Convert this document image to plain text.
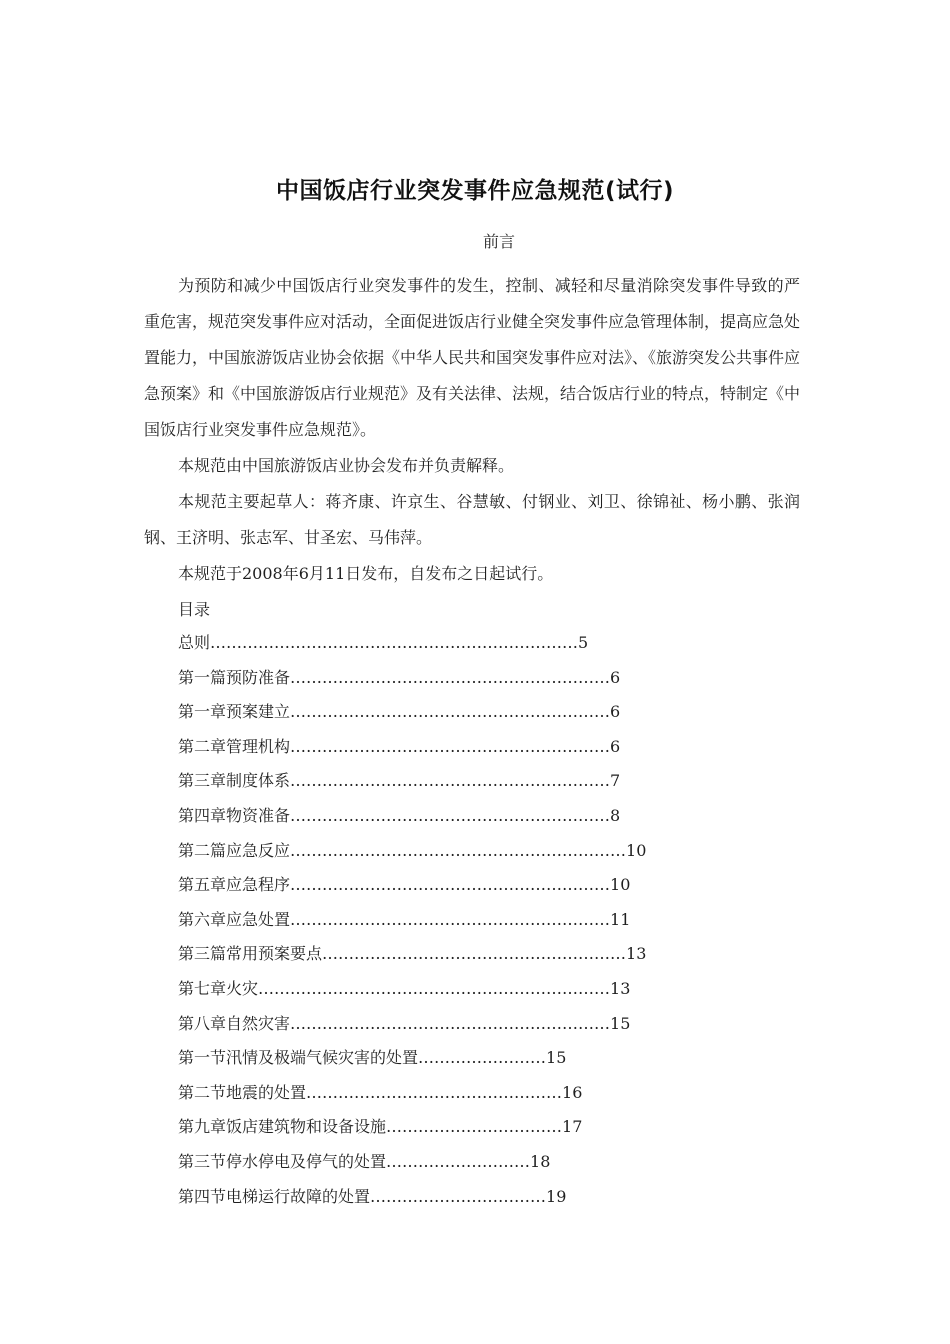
中国饭店行业突发事件应急规范(试行)
前言

为预防和减少中国饭店行业突发事件的发生，控制、减轻和尽量消除突发事件导致的严重危害，规范突发事件应对活动，全面促进饭店行业健全突发事件应急管理体制，提高应急处置能力，中国旅游饭店业协会依据《中华人民共和国突发事件应对法》、《旅游突发公共事件应急预案》和《中国旅游饭店行业规范》及有关法律、法规，结合饭店行业的特点，特制定《中国饭店行业突发事件应急规范》。

本规范由中国旅游饭店业协会发布并负责解释。

本规范主要起草人：蒋齐康、许京生、谷慧敏、付钢业、刘卫、徐锦祉、杨小鹏、张润钢、王济明、张志军、甘圣宏、马伟萍。

本规范于2008年6月11日发布，自发布之日起试行。

目录

总则……………………………………………………………5
第一篇预防准备……………………………………………………6
第一章预案建立……………………………………………………6
第二章管理机构……………………………………………………6
第三章制度体系……………………………………………………7
第四章物资准备……………………………………………………8
第二篇应急反应………………………………………………………10
第五章应急程序……………………………………………………10
第六章应急处置……………………………………………………11
第三篇常用预案要点…………………………………………………13
第七章火灾…………………………………………………………13
第八章自然灾害……………………………………………………15
第一节汛情及极端气候灾害的处置……………………15
第二节地震的处置…………………………………………16
第九章饭店建筑物和设备设施……………………………17
第三节停水停电及停气的处置………………………18
第四节电梯运行故障的处置……………………………19
